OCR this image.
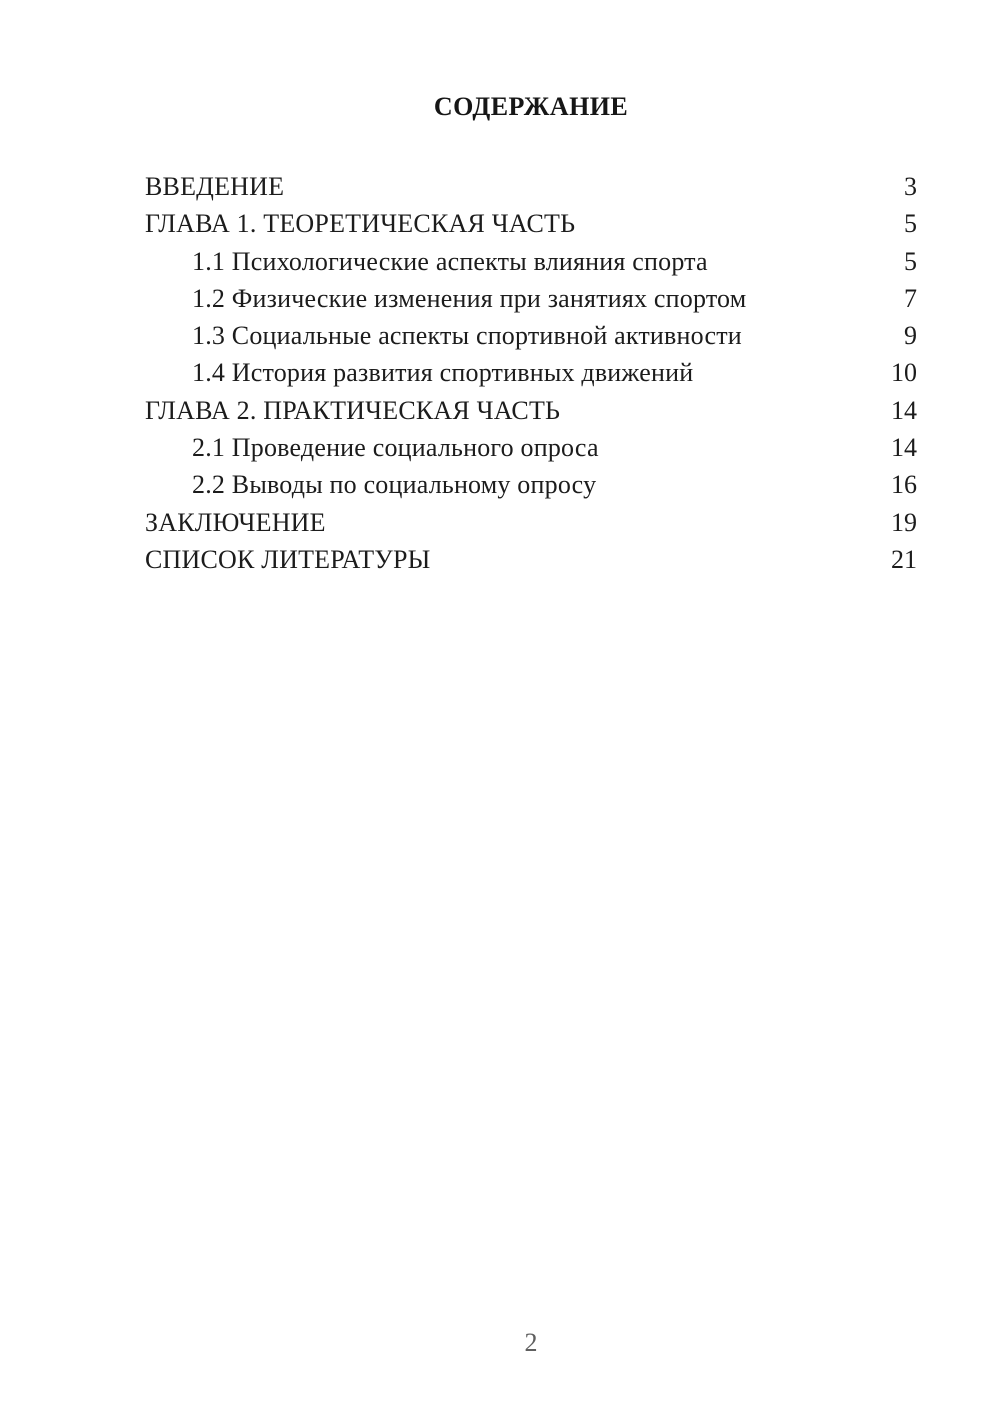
СОДЕРЖАНИЕ
ВВЕДЕНИЕ	3
ГЛАВА 1. ТЕОРЕТИЧЕСКАЯ ЧАСТЬ	5
1.1 Психологические аспекты влияния спорта	5
1.2 Физические изменения при занятиях спортом	7
1.3 Социальные аспекты спортивной активности	9
1.4 История развития спортивных движений	10
ГЛАВА 2. ПРАКТИЧЕСКАЯ ЧАСТЬ	14
2.1 Проведение социального опроса	14
2.2 Выводы по социальному опросу	16
ЗАКЛЮЧЕНИЕ	19
СПИСОК ЛИТЕРАТУРЫ	21
2
